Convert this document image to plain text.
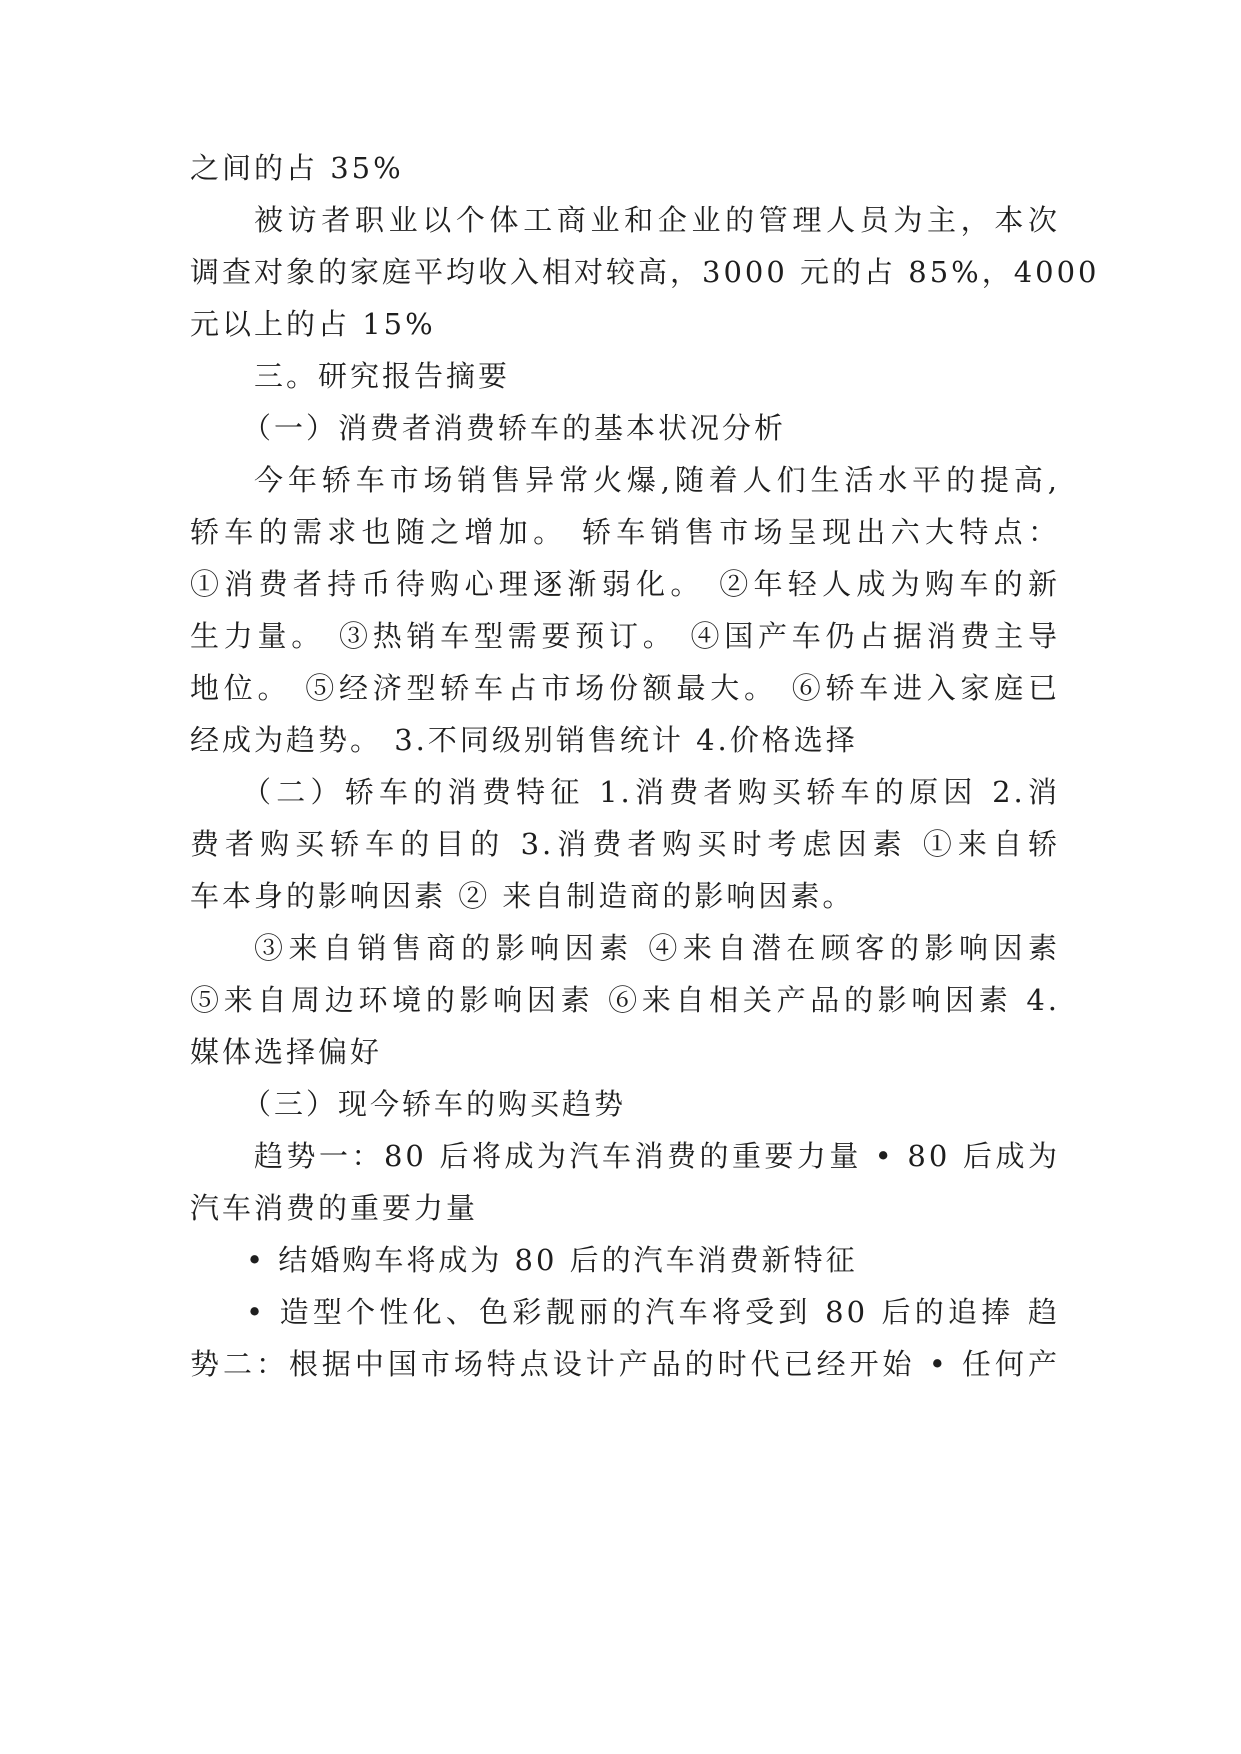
之间的占 35%
被访者职业以个体工商业和企业的管理人员为主，本次
调查对象的家庭平均收入相对较高，3000 元的占 85%，4000
元以上的占 15%
三。研究报告摘要
（一）消费者消费轿车的基本状况分析
今年轿车市场销售异常火爆,随着人们生活水平的提高,
轿车的需求也随之增加。 轿车销售市场呈现出六大特点：
①消费者持币待购心理逐渐弱化。 ②年轻人成为购车的新
生力量。 ③热销车型需要预订。 ④国产车仍占据消费主导
地位。 ⑤经济型轿车占市场份额最大。 ⑥轿车进入家庭已
经成为趋势。 3.不同级别销售统计 4.价格选择
（二）轿车的消费特征 1.消费者购买轿车的原因 2.消
费者购买轿车的目的 3.消费者购买时考虑因素 ①来自轿
车本身的影响因素 ② 来自制造商的影响因素。
③来自销售商的影响因素 ④来自潜在顾客的影响因素
⑤来自周边环境的影响因素 ⑥来自相关产品的影响因素 4.
媒体选择偏好
（三）现今轿车的购买趋势
趋势一：80 后将成为汽车消费的重要力量 • 80 后成为
汽车消费的重要力量
• 结婚购车将成为 80 后的汽车消费新特征
• 造型个性化、色彩靓丽的汽车将受到 80 后的追捧 趋
势二：根据中国市场特点设计产品的时代已经开始 • 任何产
